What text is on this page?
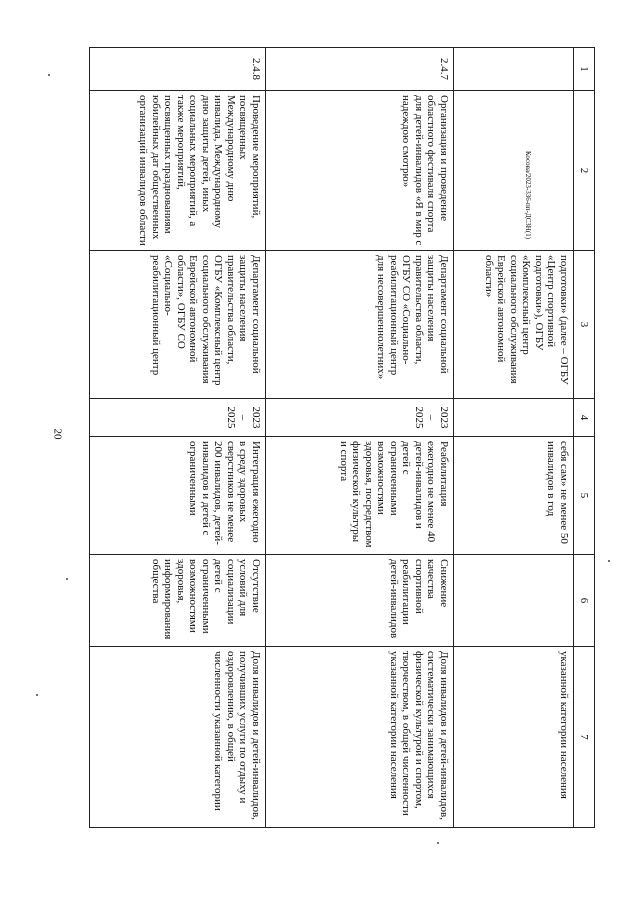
20
Косова/2023-336-пп-ДСЗН(1)
1	2	3	4	5	6	7
		подготовки» (далее – ОГБУ «Центр спортивной подготовки»), ОГБУ «Комплексный центр социального обслуживания Еврейской автономной области»		себя сам» не менее 50 инвалидов в год		указанной категории населения
2.4.7	Организация и проведение областного фестиваля спорта для детей-инвалидов «Я в мир с надеждою смотрю»	Департамент социальной защиты населения правительства области, ОГБУ СО «Социально-реабилитационный центр для несовершеннолетних»	2023 – 2025	Реабилитация ежегодно не менее 40 детей-инвалидов и детей с ограниченными возможностями здоровья, посредством физической культуры и спорта	Снижение качества спортивной реабилитации детей-инвалидов	Доля инвалидов и детей-инвалидов, систематически занимающихся физической культурой и спортом, творчеством, в общей численности указанной категории населения
2.4.8	Проведение мероприятий, посвященных Международному дню инвалида, Международному дню защиты детей, иных социальных мероприятий, а также мероприятий, посвященных празднованиям юбилейных дат общественных организаций инвалидов области	Департамент социальной защиты населения правительства области, ОГБУ «Комплексный центр социального обслуживания Еврейской автономной области», ОГБУ СО «Социально-реабилитационный центр	2023 – 2025	Интеграция ежегодно в среду здоровых сверстников не менее 200 инвалидов, детей-инвалидов и детей с ограниченными	Отсутствие условий для социализации детей с ограниченными возможностями здоровья, информирования общества	Доля инвалидов и детей-инвалидов, получивших услуги по отдыху и оздоровлению, в общей численности указанной категории
